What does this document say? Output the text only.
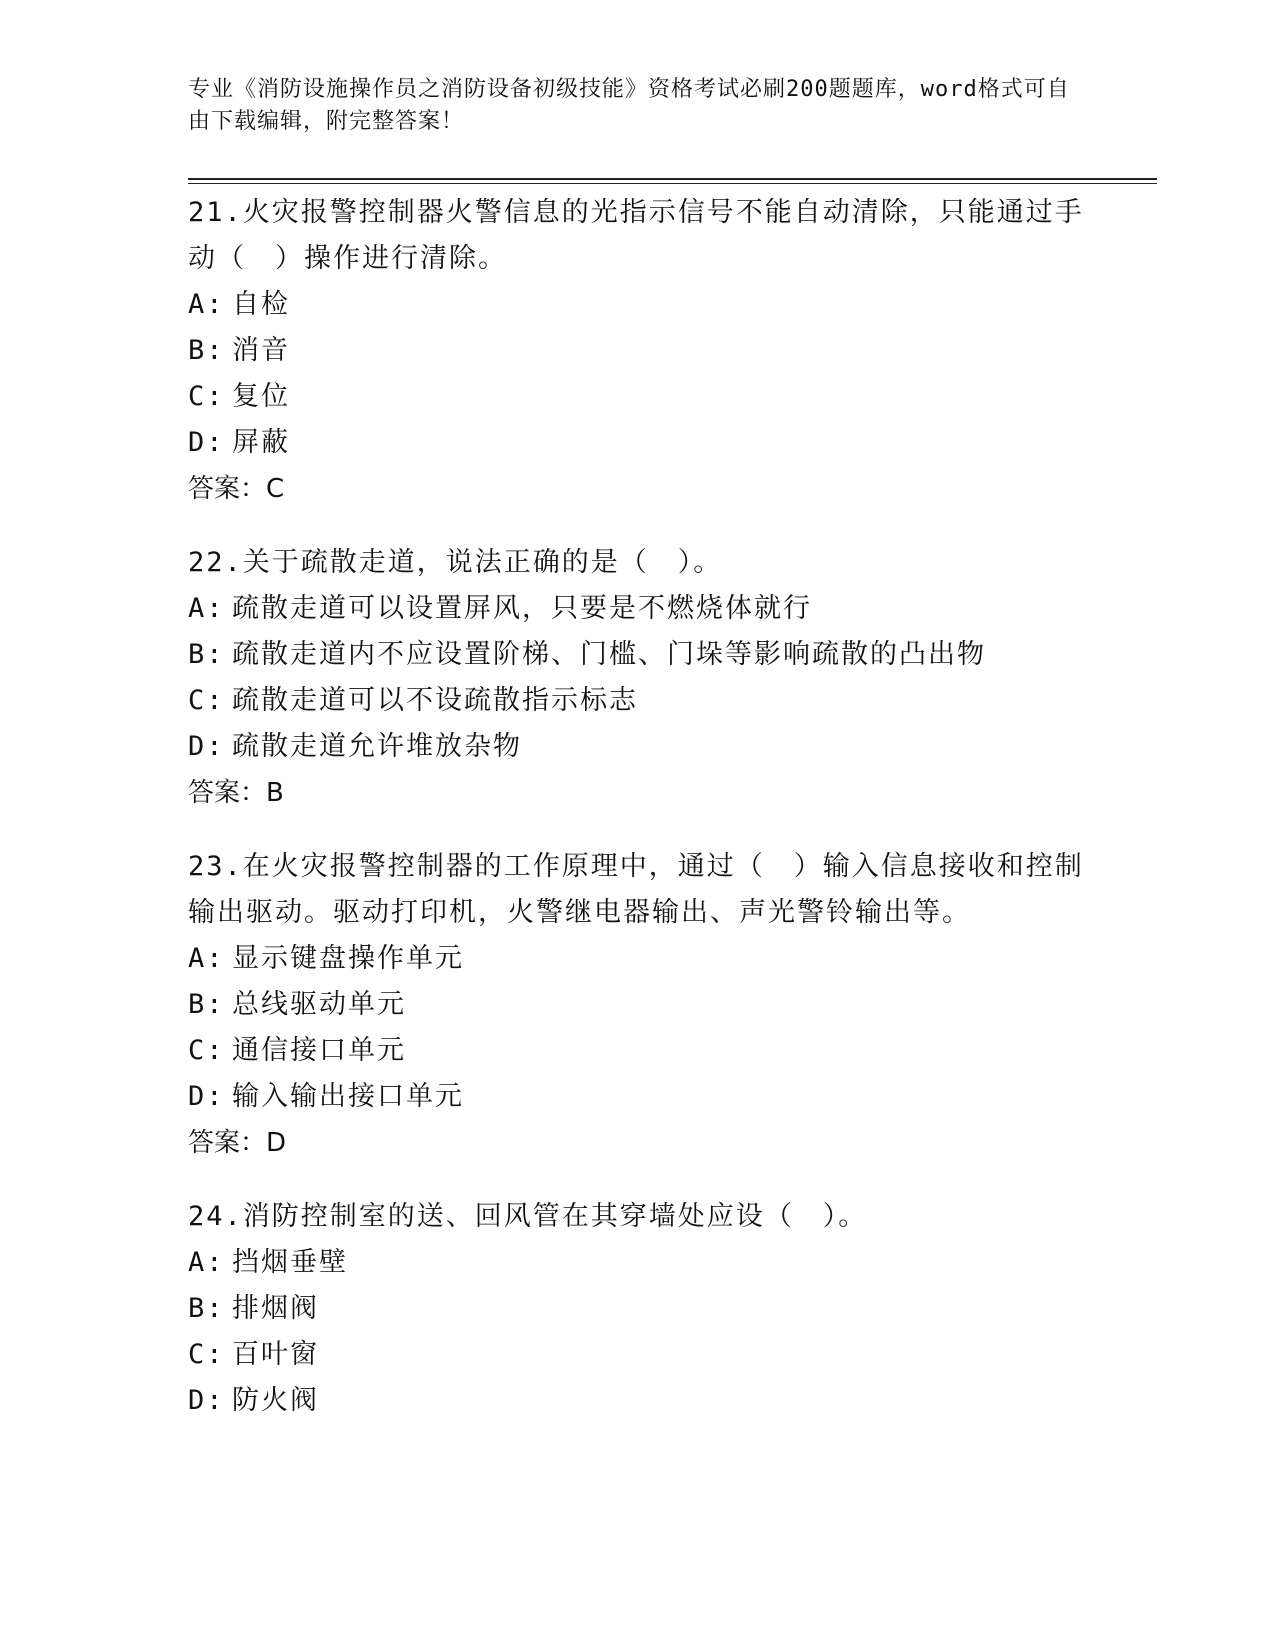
专业《消防设施操作员之消防设备初级技能》资格考试必刷200题题库，word格式可自由下载编辑，附完整答案！

21.火灾报警控制器火警信息的光指示信号不能自动清除，只能通过手动（　）操作进行清除。

A: 自检

B: 消音

C: 复位

D: 屏蔽

答案：C

22.关于疏散走道，说法正确的是（　）。

A: 疏散走道可以设置屏风，只要是不燃烧体就行

B: 疏散走道内不应设置阶梯、门槛、门垛等影响疏散的凸出物

C: 疏散走道可以不设疏散指示标志

D: 疏散走道允许堆放杂物

答案：B

23.在火灾报警控制器的工作原理中，通过（　）输入信息接收和控制输出驱动。驱动打印机，火警继电器输出、声光警铃输出等。

A: 显示键盘操作单元

B: 总线驱动单元

C: 通信接口单元

D: 输入输出接口单元

答案：D

24.消防控制室的送、回风管在其穿墙处应设（　）。

A: 挡烟垂壁

B: 排烟阀

C: 百叶窗

D: 防火阀
